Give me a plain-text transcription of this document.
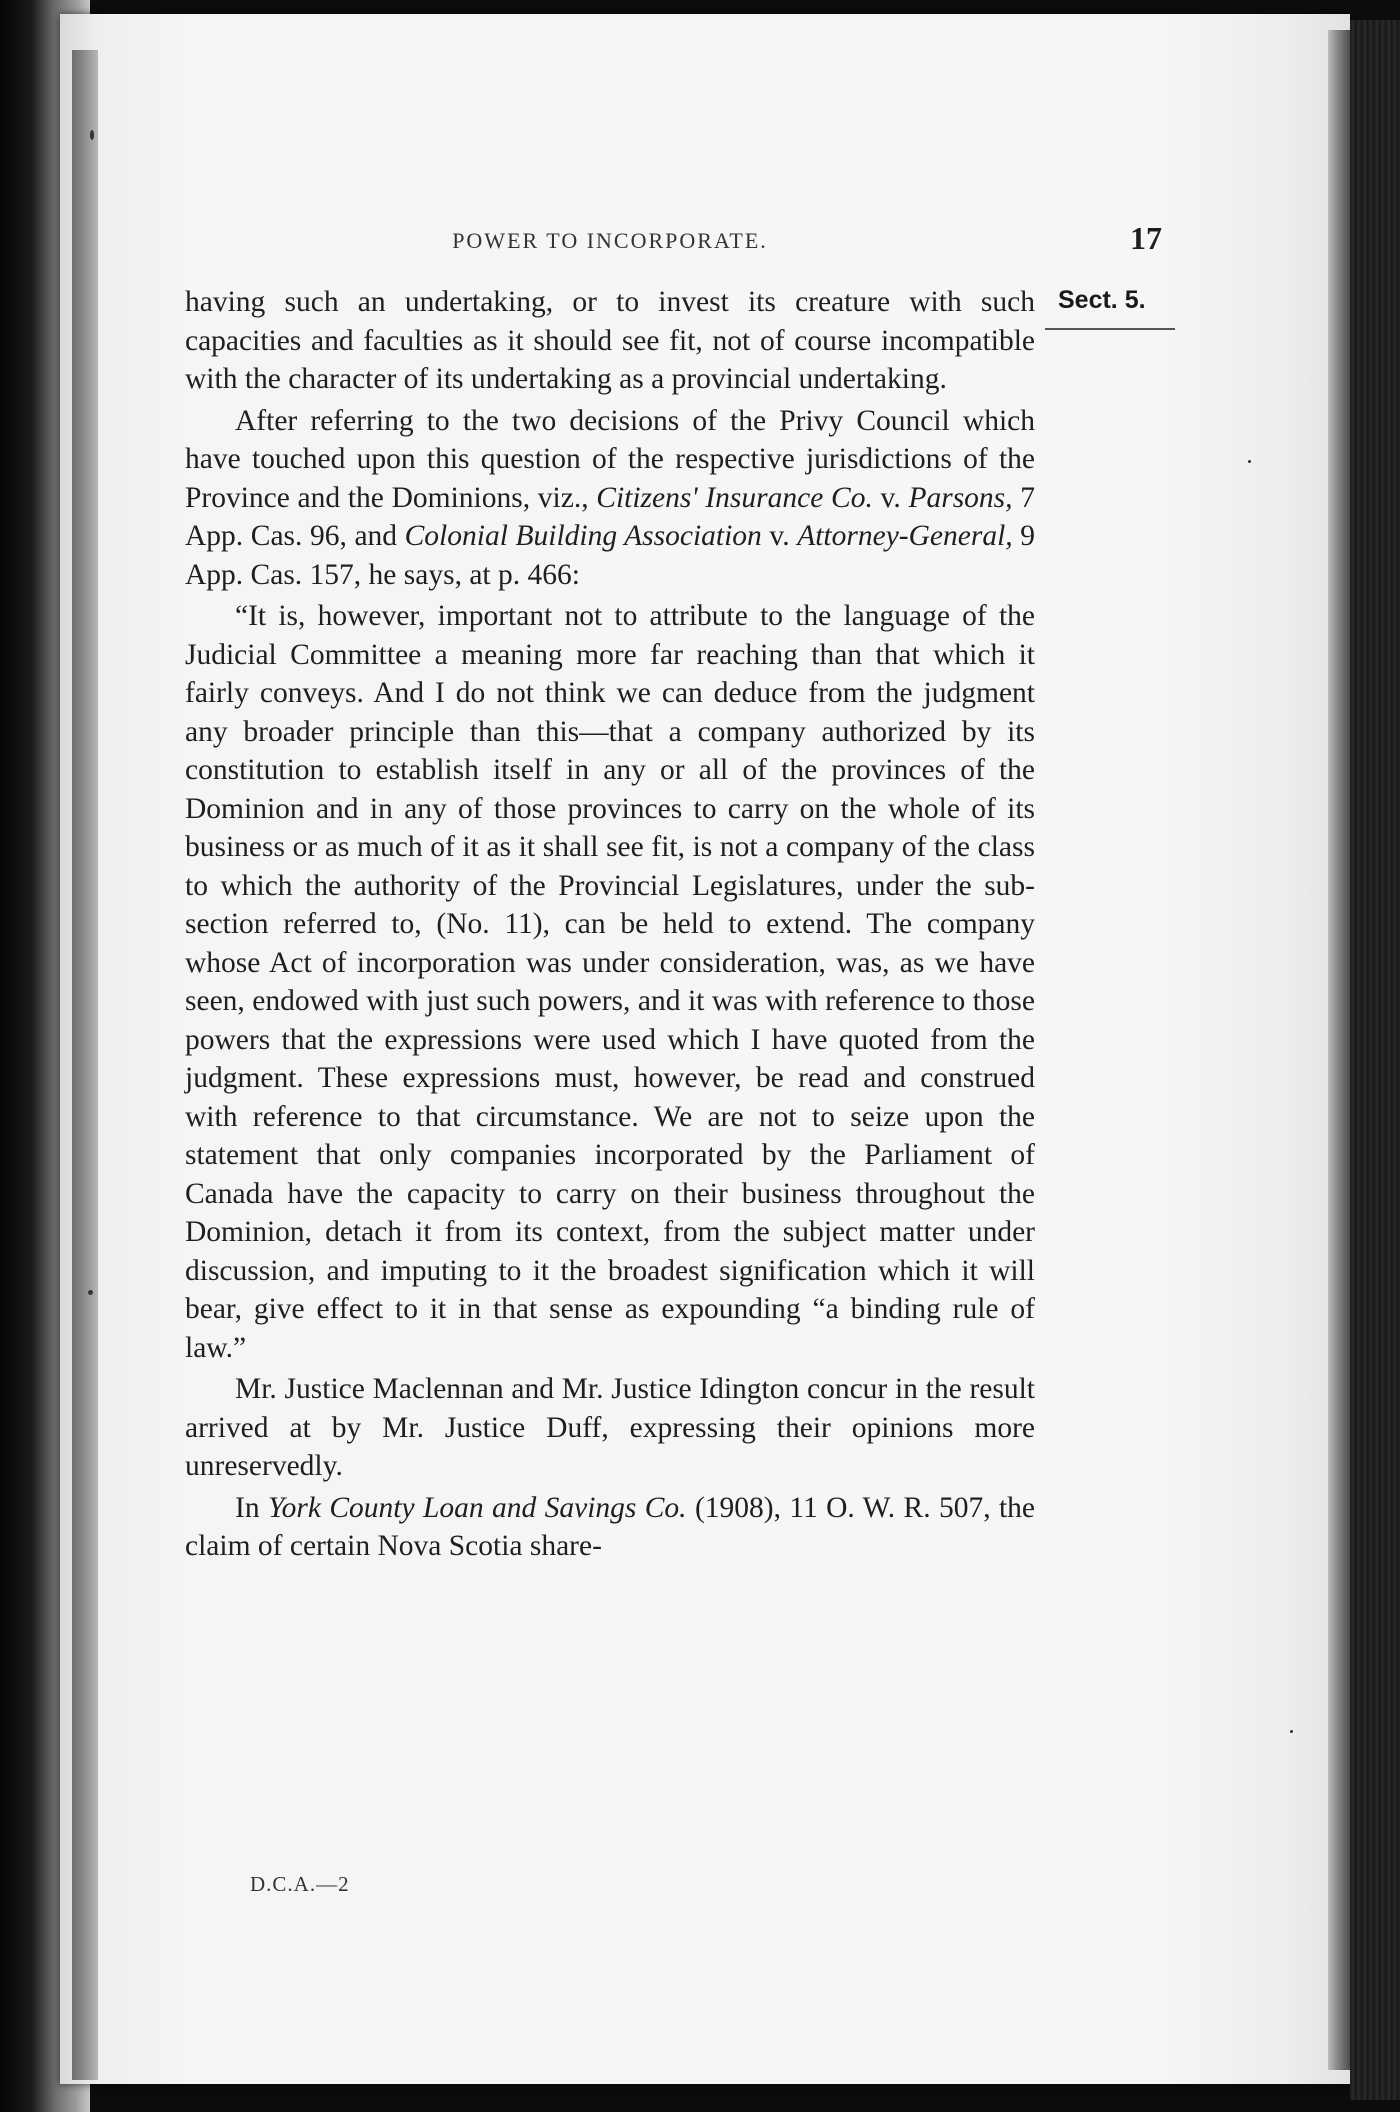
POWER TO INCORPORATE.	17
Sect. 5.

having such an undertaking, or to invest its creature with such capacities and faculties as it should see fit, not of course incompatible with the character of its undertaking as a provincial undertaking.

After referring to the two decisions of the Privy Council which have touched upon this question of the respective jurisdictions of the Province and the Dominions, viz., Citizens' Insurance Co. v. Parsons, 7 App. Cas. 96, and Colonial Building Association v. Attorney-General, 9 App. Cas. 157, he says, at p. 466:

“It is, however, important not to attribute to the language of the Judicial Committee a meaning more far reaching than that which it fairly conveys. And I do not think we can deduce from the judgment any broader principle than this—that a company authorized by its constitution to establish itself in any or all of the provinces of the Dominion and in any of those provinces to carry on the whole of its business or as much of it as it shall see fit, is not a company of the class to which the authority of the Provincial Legislatures, under the sub-section referred to, (No. 11), can be held to extend. The company whose Act of incorporation was under consideration, was, as we have seen, endowed with just such powers, and it was with reference to those powers that the expressions were used which I have quoted from the judgment. These expressions must, however, be read and construed with reference to that circumstance. We are not to seize upon the statement that only companies incorporated by the Parliament of Canada have the capacity to carry on their business throughout the Dominion, detach it from its context, from the subject matter under discussion, and imputing to it the broadest signification which it will bear, give effect to it in that sense as expounding “a binding rule of law.”

Mr. Justice Maclennan and Mr. Justice Idington concur in the result arrived at by Mr. Justice Duff, expressing their opinions more unreservedly.

In York County Loan and Savings Co. (1908), 11 O. W. R. 507, the claim of certain Nova Scotia share-

D.C.A.—2
